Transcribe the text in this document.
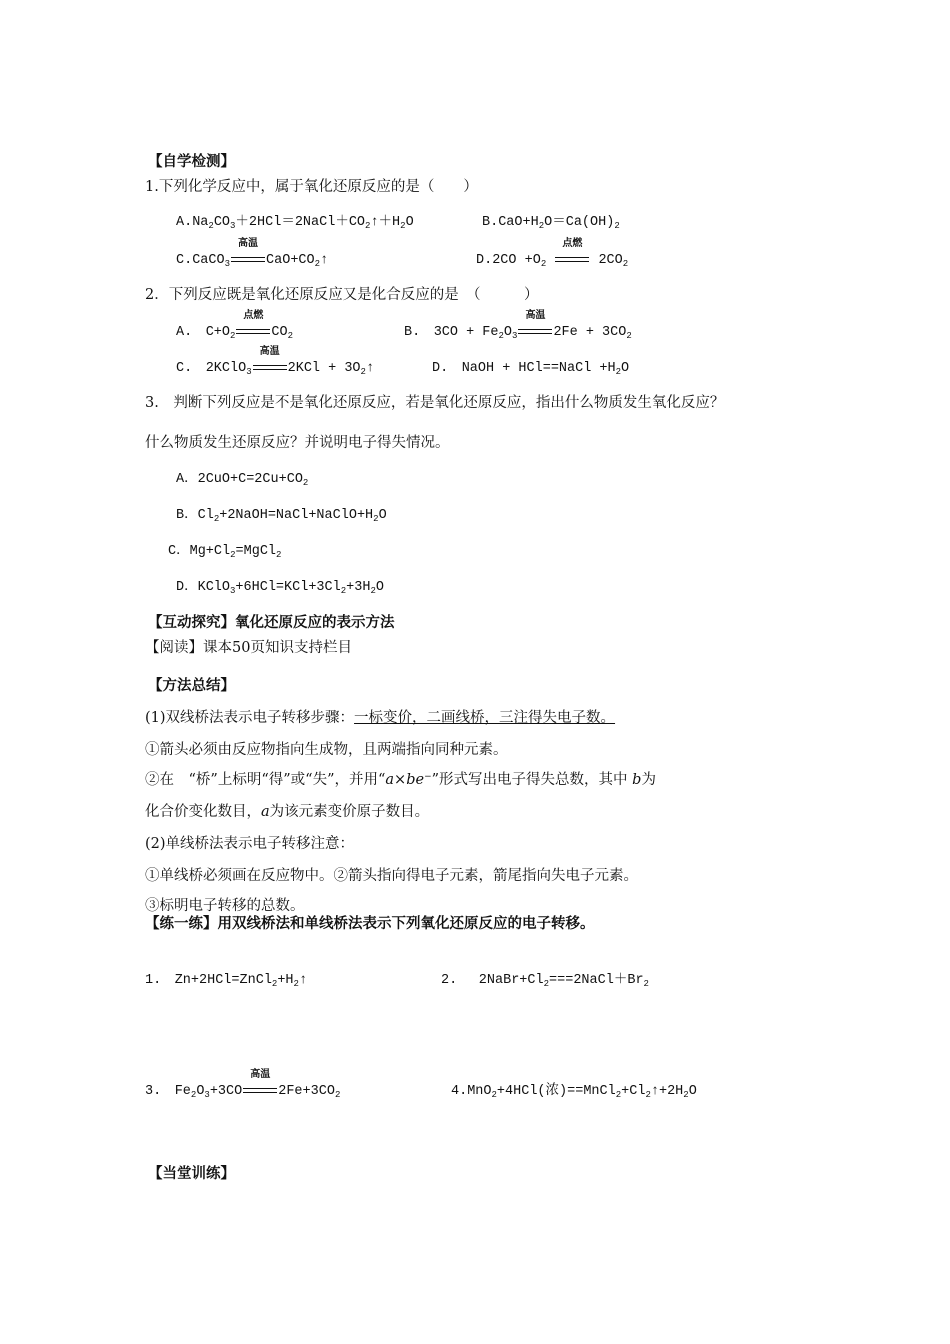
【自学检测】
1.下列化学反应中，属于氧化还原反应的是（　　）
$A.Na_2CO_3+2HCl=2NaCl+CO_2↑+H_2O$	$B.CaO+H_2O=Ca(OH)_2$
C.CaCO$_3$
高温
$CaO+CO_2↑$	$D.2CO +O_2$
点燃
$2CO_2$
2．下列反应既是氧化还原反应又是化合反应的是　（　　　）
A.　$C+O_2$
点燃
$CO_2$	B.　$3CO + Fe_2O_3$
高温
$2Fe + 3CO_2$
C.　2KClO$_3$
高温
$2KCl + 3O_2↑$	D.　NaOH + HCl==NaCl $+H_2O$
3.　判断下列反应是不是氧化还原反应，若是氧化还原反应，指出什么物质发生氧化反应？
什么物质发生还原反应？并说明电子得失情况。
A．$2CuO+C=2Cu+CO_2$
B．$Cl_2+2NaOH=NaCl+NaClO+H_2O$
C．$Mg+Cl_2=MgCl_2$
D．$KClO_3+6HCl=KCl+3Cl_2+3H_2O$
【互动探究】氧化还原反应的表示方法
【阅读】课本50页知识支持栏目
【方法总结】
(1)双线桥法表示电子转移步骤：一标变价，二画线桥，三注得失电子数。
①箭头必须由反应物指向生成物，且两端指向同种元素。
②在　“桥”上标明“得”或“失”，并用“a×be−”形式写出电子得失总数，其中 b为
化合价变化数目，a为该元素变价原子数目。
(2)单线桥法表示电子转移注意：
①单线桥必须画在反应物中。②箭头指向得电子元素，箭尾指向失电子元素。
③标明电子转移的总数。
【练一练】用双线桥法和单线桥法表示下列氧化还原反应的电子转移。
1.　$Zn+2HCl=ZnCl_2+H_2↑$	2.　 $2NaBr+Cl_2===2NaCl+Br_2$
3.　$Fe_2O_3+3CO$
高温
$2Fe+3CO_2$	4.MnO$_2$+4HCl(浓)$==MnCl_2+Cl_2↑+2H_2O$
【当堂训练】
